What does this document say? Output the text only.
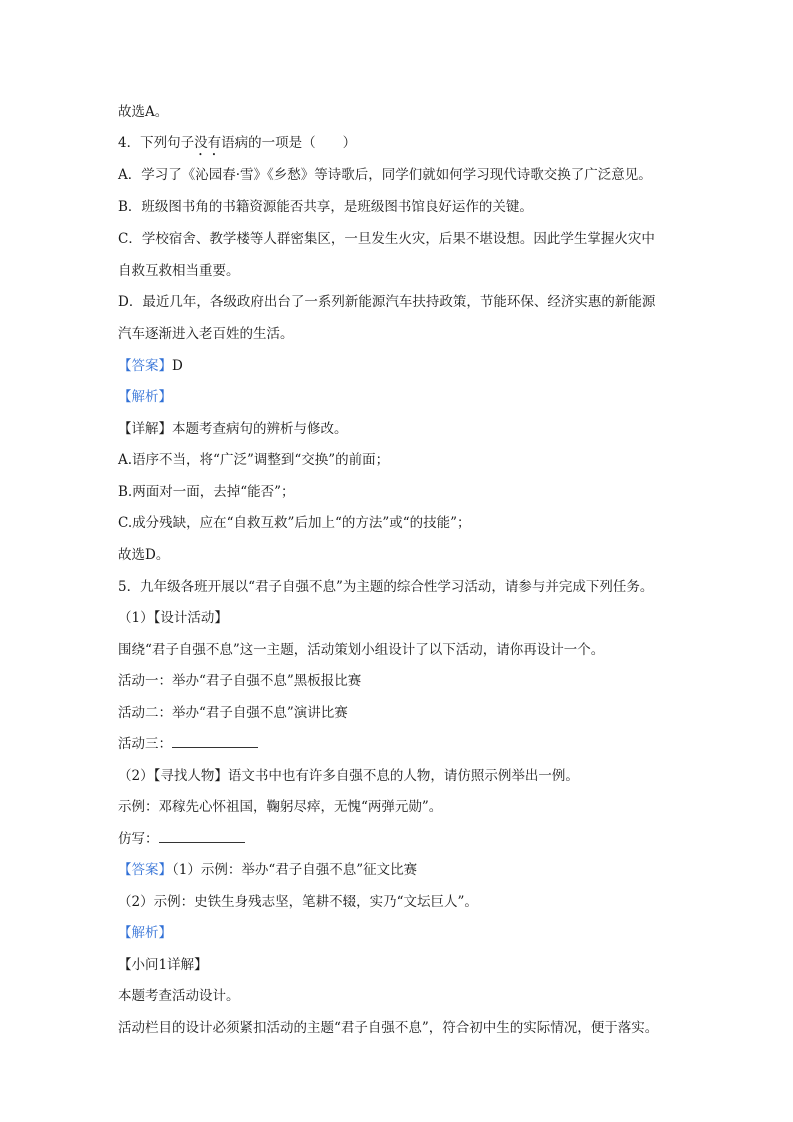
故选A。
4．下列句子没有语病的一项是（　　）
A．学习了《沁园春·雪》《乡愁》等诗歌后，同学们就如何学习现代诗歌交换了广泛意见。
B．班级图书角的书籍资源能否共享，是班级图书馆良好运作的关键。
C．学校宿舍、教学楼等人群密集区，一旦发生火灾，后果不堪设想。因此学生掌握火灾中
自救互救相当重要。
D．最近几年，各级政府出台了一系列新能源汽车扶持政策，节能环保、经济实惠的新能源
汽车逐渐进入老百姓的生活。
【答案】D
【解析】
【详解】本题考查病句的辨析与修改。
A.语序不当，将“广泛”调整到“交换”的前面；
B.两面对一面，去掉“能否”；
C.成分残缺，应在“自救互救”后加上“的方法”或“的技能”；
故选D。
5．九年级各班开展以“君子自强不息”为主题的综合性学习活动，请参与并完成下列任务。
（1）【设计活动】
围绕“君子自强不息”这一主题，活动策划小组设计了以下活动，请你再设计一个。
活动一：举办“君子自强不息”黑板报比赛
活动二：举办“君子自强不息”演讲比赛
活动三：
（2）【寻找人物】语文书中也有许多自强不息的人物，请仿照示例举出一例。
示例：邓稼先心怀祖国，鞠躬尽瘁，无愧“两弹元勋”。
仿写：
【答案】（1）示例：举办“君子自强不息”征文比赛
（2）示例：史铁生身残志坚，笔耕不辍，实乃“文坛巨人”。
【解析】
【小问1详解】
本题考查活动设计。
活动栏目的设计必须紧扣活动的主题“君子自强不息”，符合初中生的实际情况，便于落实。
